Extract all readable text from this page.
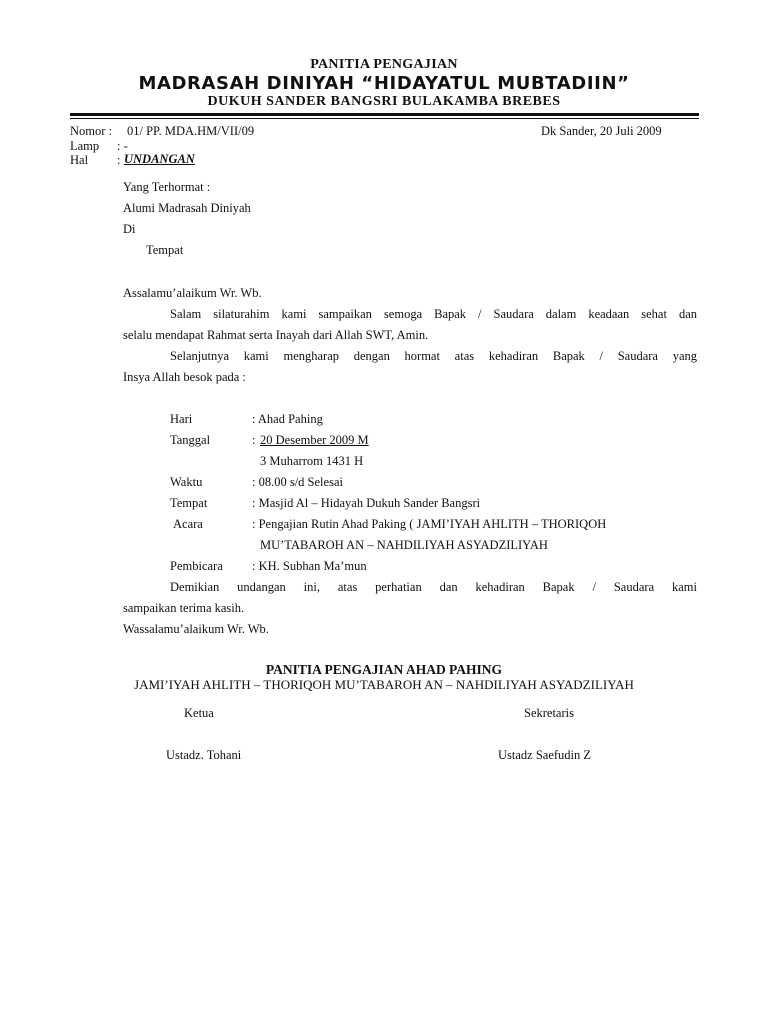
PANITIA PENGAJIAN
MADRASAH DINIYAH “HIDAYATUL MUBTADIIN”
DUKUH SANDER BANGSRI BULAKAMBA BREBES
Nomor : 01/ PP. MDA.HM/VII/09	Dk Sander, 20 Juli 2009
Lamp : -
Hal : UNDANGAN
Yang Terhormat :
Alumi Madrasah Diniyah
Di
Tempat
Assalamu’alaikum Wr. Wb.
Salam silaturahim kami sampaikan semoga Bapak / Saudara dalam keadaan sehat dan
selalu mendapat Rahmat serta Inayah dari Allah SWT, Amin.
Selanjutnya kami mengharap dengan hormat atas kehadiran Bapak / Saudara yang
Insya Allah besok pada :
Hari	: Ahad Pahing
Tanggal	: 20 Desember 2009 M
3 Muharrom 1431 H
Waktu	: 08.00 s/d Selesai
Tempat	: Masjid Al – Hidayah Dukuh Sander Bangsri
Acara	: Pengajian Rutin Ahad Paking ( JAMI’IYAH AHLITH – THORIQOH
MU’TABAROH AN – NAHDILIYAH ASYADZILIYAH
Pembicara : KH. Subhan Ma’mun
Demikian undangan ini, atas perhatian dan kehadiran Bapak / Saudara kami
sampaikan terima kasih.
Wassalamu’alaikum Wr. Wb.
PANITIA PENGAJIAN AHAD PAHING
JAMI’IYAH AHLITH – THORIQOH MU’TABAROH AN – NAHDILIYAH ASYADZILIYAH
Ketua	Sekretaris
Ustadz. Tohani	Ustadz Saefudin Z
